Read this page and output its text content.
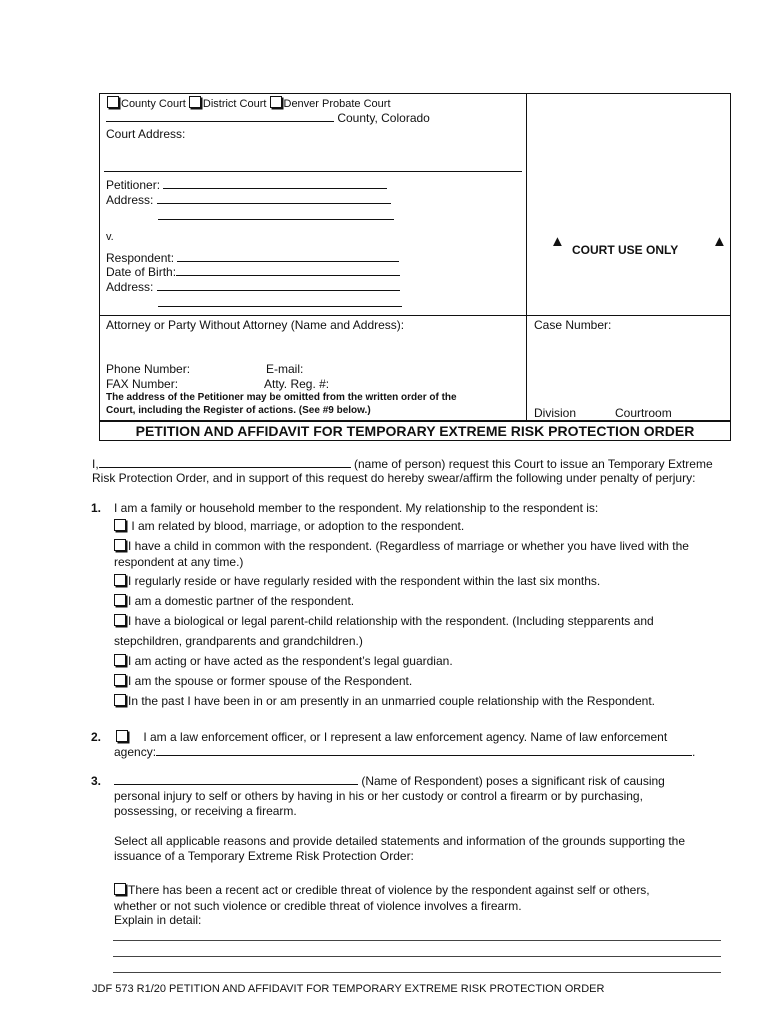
County Court District Court Denver Probate Court
County, Colorado
Court Address:
Petitioner:
Address:
v.
Respondent:
Date of Birth:
Address:
▲ COURT USE ONLY ▲
Attorney or Party Without Attorney (Name and Address):
Phone Number:	E-mail:
FAX Number:	Atty. Reg. #:
The address of the Petitioner may be omitted from the written order of the
Court, including the Register of actions. (See #9 below.)
Case Number:
Division	Courtroom
PETITION AND AFFIDAVIT FOR TEMPORARY EXTREME RISK PROTECTION ORDER
I,	(name of person) request this Court to issue an Temporary Extreme
Risk Protection Order, and in support of this request do hereby swear/affirm the following under penalty of perjury:
1. I am a family or household member to the respondent. My relationship to the respondent is:
I am related by blood, marriage, or adoption to the respondent.
I have a child in common with the respondent. (Regardless of marriage or whether you have lived with the
respondent at any time.)
I regularly reside or have regularly resided with the respondent within the last six months.
I am a domestic partner of the respondent.
I have a biological or legal parent-child relationship with the respondent. (Including stepparents and
stepchildren, grandparents and grandchildren.)
I am acting or have acted as the respondent’s legal guardian.
I am the spouse or former spouse of the Respondent.
In the past I have been in or am presently in an unmarried couple relationship with the Respondent.
2.	I am a law enforcement officer, or I represent a law enforcement agency. Name of law enforcement
agency:	.
3.	(Name of Respondent) poses a significant risk of causing
personal injury to self or others by having in his or her custody or control a firearm or by purchasing,
possessing, or receiving a firearm.
Select all applicable reasons and provide detailed statements and information of the grounds supporting the
issuance of a Temporary Extreme Risk Protection Order:
There has been a recent act or credible threat of violence by the respondent against self or others,
whether or not such violence or credible threat of violence involves a firearm.
Explain in detail:
JDF 573 R1/20 PETITION AND AFFIDAVIT FOR TEMPORARY EXTREME RISK PROTECTION ORDER
